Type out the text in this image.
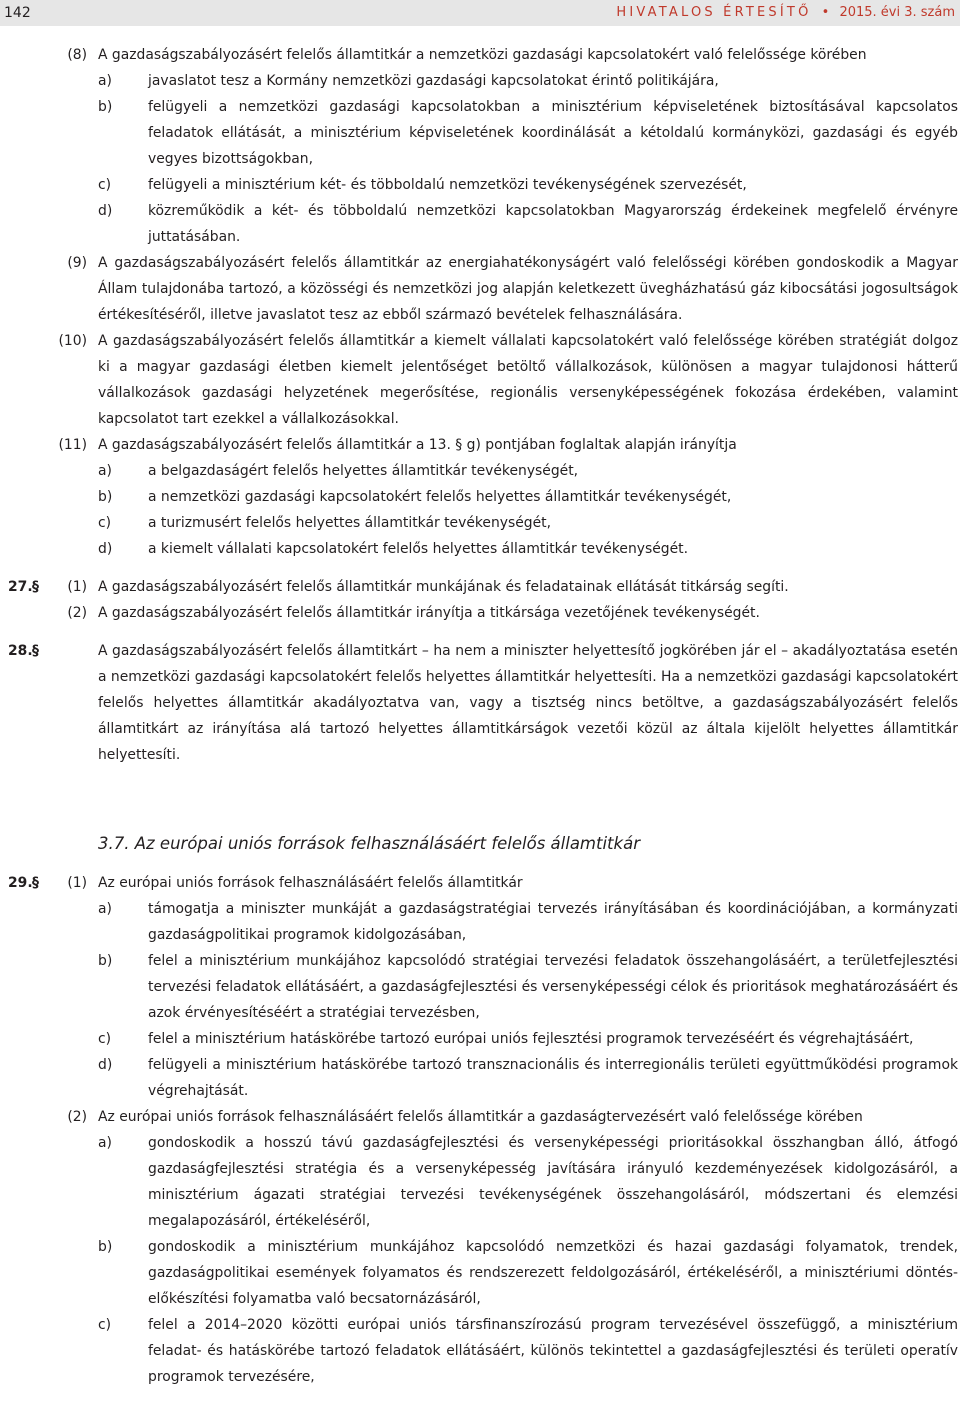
142	HIVATALOS ÉRTESÍTŐ • 2015. évi 3. szám
(8) A gazdaságszabályozásért felelős államtitkár a nemzetközi gazdasági kapcsolatokért való felelőssége körében
a)	javaslatot tesz a Kormány nemzetközi gazdasági kapcsolatokat érintő politikájára,
b)	felügyeli a nemzetközi gazdasági kapcsolatokban a minisztérium képviseletének biztosításával kapcsolatos feladatok ellátását, a minisztérium képviseletének koordinálását a kétoldalú kormányközi, gazdasági és egyéb vegyes bizottságokban,
c)	felügyeli a minisztérium két- és többoldalú nemzetközi tevékenységének szervezését,
d)	közreműködik a két- és többoldalú nemzetközi kapcsolatokban Magyarország érdekeinek megfelelő érvényre juttatásában.
(9) A gazdaságszabályozásért felelős államtitkár az energiahatékonyságért való felelősségi körében gondoskodik a Magyar Állam tulajdonába tartozó, a közösségi és nemzetközi jog alapján keletkezett üvegházhatású gáz kibocsátási jogosultságok értékesítéséről, illetve javaslatot tesz az ebből származó bevételek felhasználására.
(10) A gazdaságszabályozásért felelős államtitkár a kiemelt vállalati kapcsolatokért való felelőssége körében stratégiát dolgoz ki a magyar gazdasági életben kiemelt jelentőséget betöltő vállalkozások, különösen a magyar tulajdonosi hátterű vállalkozások gazdasági helyzetének megerősítése, regionális versenyképességének fokozása érdekében, valamint kapcsolatot tart ezekkel a vállalkozásokkal.
(11) A gazdaságszabályozásért felelős államtitkár a 13. § g) pontjában foglaltak alapján irányítja
a)	a belgazdaságért felelős helyettes államtitkár tevékenységét,
b)	a nemzetközi gazdasági kapcsolatokért felelős helyettes államtitkár tevékenységét,
c)	a turizmusért felelős helyettes államtitkár tevékenységét,
d)	a kiemelt vállalati kapcsolatokért felelős helyettes államtitkár tevékenységét.
27. §	(1) A gazdaságszabályozásért felelős államtitkár munkájának és feladatainak ellátását titkárság segíti.
(2) A gazdaságszabályozásért felelős államtitkár irányítja a titkársága vezetőjének tevékenységét.
28. §	A gazdaságszabályozásért felelős államtitkárt – ha nem a miniszter helyettesítő jogkörében jár el – akadályoztatása esetén a nemzetközi gazdasági kapcsolatokért felelős helyettes államtitkár helyettesíti. Ha a nemzetközi gazdasági kapcsolatokért felelős helyettes államtitkár akadályoztatva van, vagy a tisztség nincs betöltve, a gazdaságszabályozásért felelős államtitkárt az irányítása alá tartozó helyettes államtitkárságok vezetői közül az általa kijelölt helyettes államtitkár helyettesíti.
3.7. Az európai uniós források felhasználásáért felelős államtitkár
29. §	(1) Az európai uniós források felhasználásáért felelős államtitkár
a)	támogatja a miniszter munkáját a gazdaságstratégiai tervezés irányításában és koordinációjában, a kormányzati gazdaságpolitikai programok kidolgozásában,
b)	felel a minisztérium munkájához kapcsolódó stratégiai tervezési feladatok összehangolásáért, a területfejlesztési tervezési feladatok ellátásáért, a gazdaságfejlesztési és versenyképességi célok és prioritások meghatározásáért és azok érvényesítéséért a stratégiai tervezésben,
c)	felel a minisztérium hatáskörébe tartozó európai uniós fejlesztési programok tervezéséért és végrehajtásáért,
d)	felügyeli a minisztérium hatáskörébe tartozó transznacionális és interregionális területi együttműködési programok végrehajtását.
(2) Az európai uniós források felhasználásáért felelős államtitkár a gazdaságtervezésért való felelőssége körében
a)	gondoskodik a hosszú távú gazdaságfejlesztési és versenyképességi prioritásokkal összhangban álló, átfogó gazdaságfejlesztési stratégia és a versenyképesség javítására irányuló kezdeményezések kidolgozásáról, a minisztérium ágazati stratégiai tervezési tevékenységének összehangolásáról, módszertani és elemzési megalapozásáról, értékeléséről,
b)	gondoskodik a minisztérium munkájához kapcsolódó nemzetközi és hazai gazdasági folyamatok, trendek, gazdaságpolitikai események folyamatos és rendszerezett feldolgozásáról, értékeléséről, a minisztériumi döntés-előkészítési folyamatba való becsatornázásáról,
c)	felel a 2014–2020 közötti európai uniós társfinanszírozású program tervezésével összefüggő, a minisztérium feladat- és hatáskörébe tartozó feladatok ellátásáért, különös tekintettel a gazdaságfejlesztési és területi operatív programok tervezésére,
